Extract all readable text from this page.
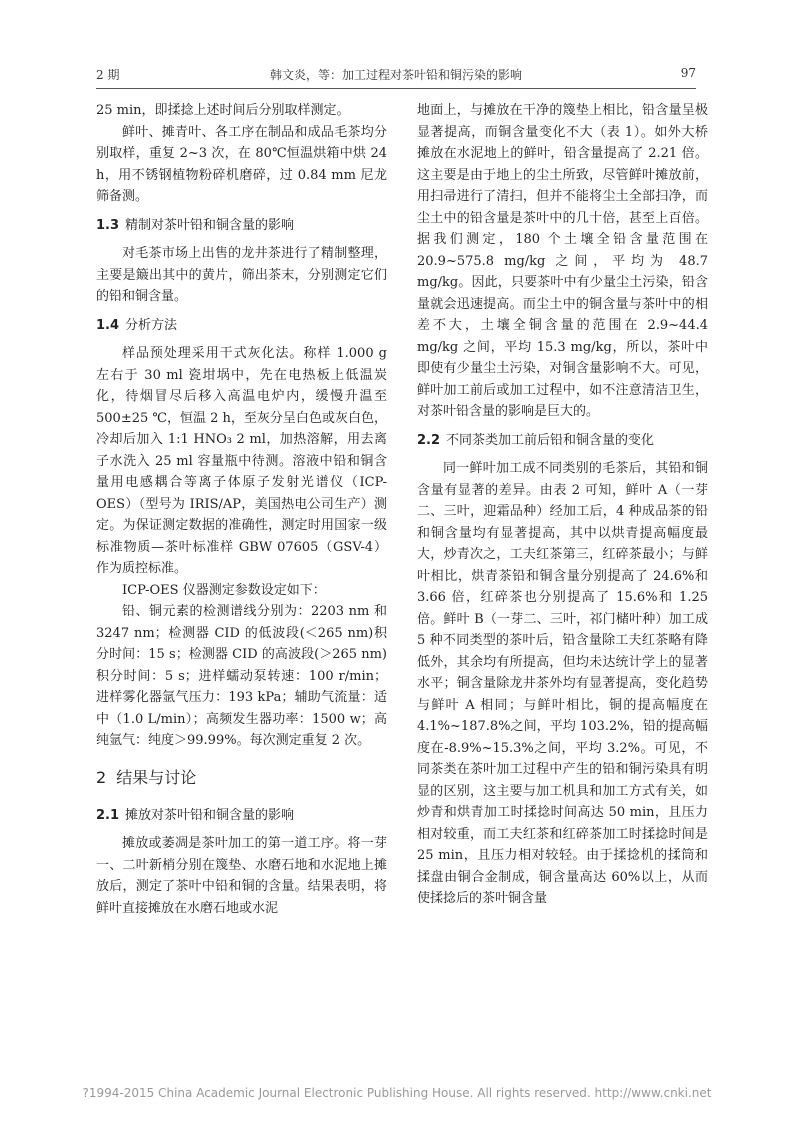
2 期	韩文炎，等：加工过程对茶叶铅和铜污染的影响	97

25 min，即揉捻上述时间后分别取样测定。

鲜叶、摊青叶、各工序在制品和成品毛茶均分别取样，重复 2~3 次，在 80℃恒温烘箱中烘 24 h，用不锈钢植物粉碎机磨碎，过 0.84 mm 尼龙筛备测。

1.3 精制对茶叶铅和铜含量的影响

对毛茶市场上出售的龙井茶进行了精制整理，主要是簸出其中的黄片，筛出茶末，分别测定它们的铅和铜含量。

1.4 分析方法

样品预处理采用干式灰化法。称样 1.000 g 左右于 30 ml 瓷坩埚中，先在电热板上低温炭化，待烟冒尽后移入高温电炉内，缓慢升温至 500±25 ℃，恒温 2 h，至灰分呈白色或灰白色，冷却后加入 1:1 HNO₃ 2 ml，加热溶解，用去离子水洗入 25 ml 容量瓶中待测。溶液中铅和铜含量用电感耦合等离子体原子发射光谱仪（ICP-OES）（型号为 IRIS/AP，美国热电公司生产）测定。为保证测定数据的准确性，测定时用国家一级标准物质—茶叶标准样 GBW 07605（GSV-4）作为质控标准。

ICP-OES 仪器测定参数设定如下：

铅、铜元素的检测谱线分别为：2203 nm 和 3247 nm；检测器 CID 的低波段(＜265 nm)积分时间：15 s；检测器 CID 的高波段(＞265 nm)积分时间：5 s；进样蠕动泵转速：100 r/min；进样雾化器氩气压力：193 kPa；辅助气流量：适中（1.0 L/min）；高频发生器功率：1500 w；高纯氩气：纯度＞99.99%。每次测定重复 2 次。

2 结果与讨论
2.1 摊放对茶叶铅和铜含量的影响

摊放或萎凋是茶叶加工的第一道工序。将一芽一、二叶新梢分别在篾垫、水磨石地和水泥地上摊放后，测定了茶叶中铅和铜的含量。结果表明，将鲜叶直接摊放在水磨石地或水泥

地面上，与摊放在干净的篾垫上相比，铅含量呈极显著提高，而铜含量变化不大（表 1）。如外大桥摊放在水泥地上的鲜叶，铅含量提高了 2.21 倍。这主要是由于地上的尘土所致，尽管鲜叶摊放前，用扫帚进行了清扫，但并不能将尘土全部扫净，而尘土中的铅含量是茶叶中的几十倍，甚至上百倍。据我们测定，180 个土壤全铅含量范围在 20.9~575.8 mg/kg 之间，平均为 48.7 mg/kg。因此，只要茶叶中有少量尘土污染，铅含量就会迅速提高。而尘土中的铜含量与茶叶中的相差不大，土壤全铜含量的范围在 2.9~44.4 mg/kg 之间，平均 15.3 mg/kg，所以，茶叶中即使有少量尘土污染，对铜含量影响不大。可见，鲜叶加工前后或加工过程中，如不注意清洁卫生，对茶叶铅含量的影响是巨大的。

2.2 不同茶类加工前后铅和铜含量的变化

同一鲜叶加工成不同类别的毛茶后，其铅和铜含量有显著的差异。由表 2 可知，鲜叶 A（一芽二、三叶，迎霜品种）经加工后，4 种成品茶的铅和铜含量均有显著提高，其中以烘青提高幅度最大，炒青次之，工夫红茶第三，红碎茶最小；与鲜叶相比，烘青茶铅和铜含量分别提高了 24.6%和 3.66 倍，红碎茶也分别提高了 15.6%和 1.25 倍。鲜叶 B（一芽二、三叶，祁门槠叶种）加工成 5 种不同类型的茶叶后，铅含量除工夫红茶略有降低外，其余均有所提高，但均未达统计学上的显著水平；铜含量除龙井茶外均有显著提高，变化趋势与鲜叶 A 相同；与鲜叶相比，铜的提高幅度在 4.1%~187.8%之间，平均 103.2%，铅的提高幅度在-8.9%~15.3%之间，平均 3.2%。可见，不同茶类在茶叶加工过程中产生的铅和铜污染具有明显的区别，这主要与加工机具和加工方式有关，如炒青和烘青加工时揉捻时间高达 50 min，且压力相对较重，而工夫红茶和红碎茶加工时揉捻时间是 25 min，且压力相对较轻。由于揉捻机的揉筒和揉盘由铜合金制成，铜含量高达 60%以上，从而使揉捻后的茶叶铜含量

?1994-2015 China Academic Journal Electronic Publishing House. All rights reserved. http://www.cnki.net
